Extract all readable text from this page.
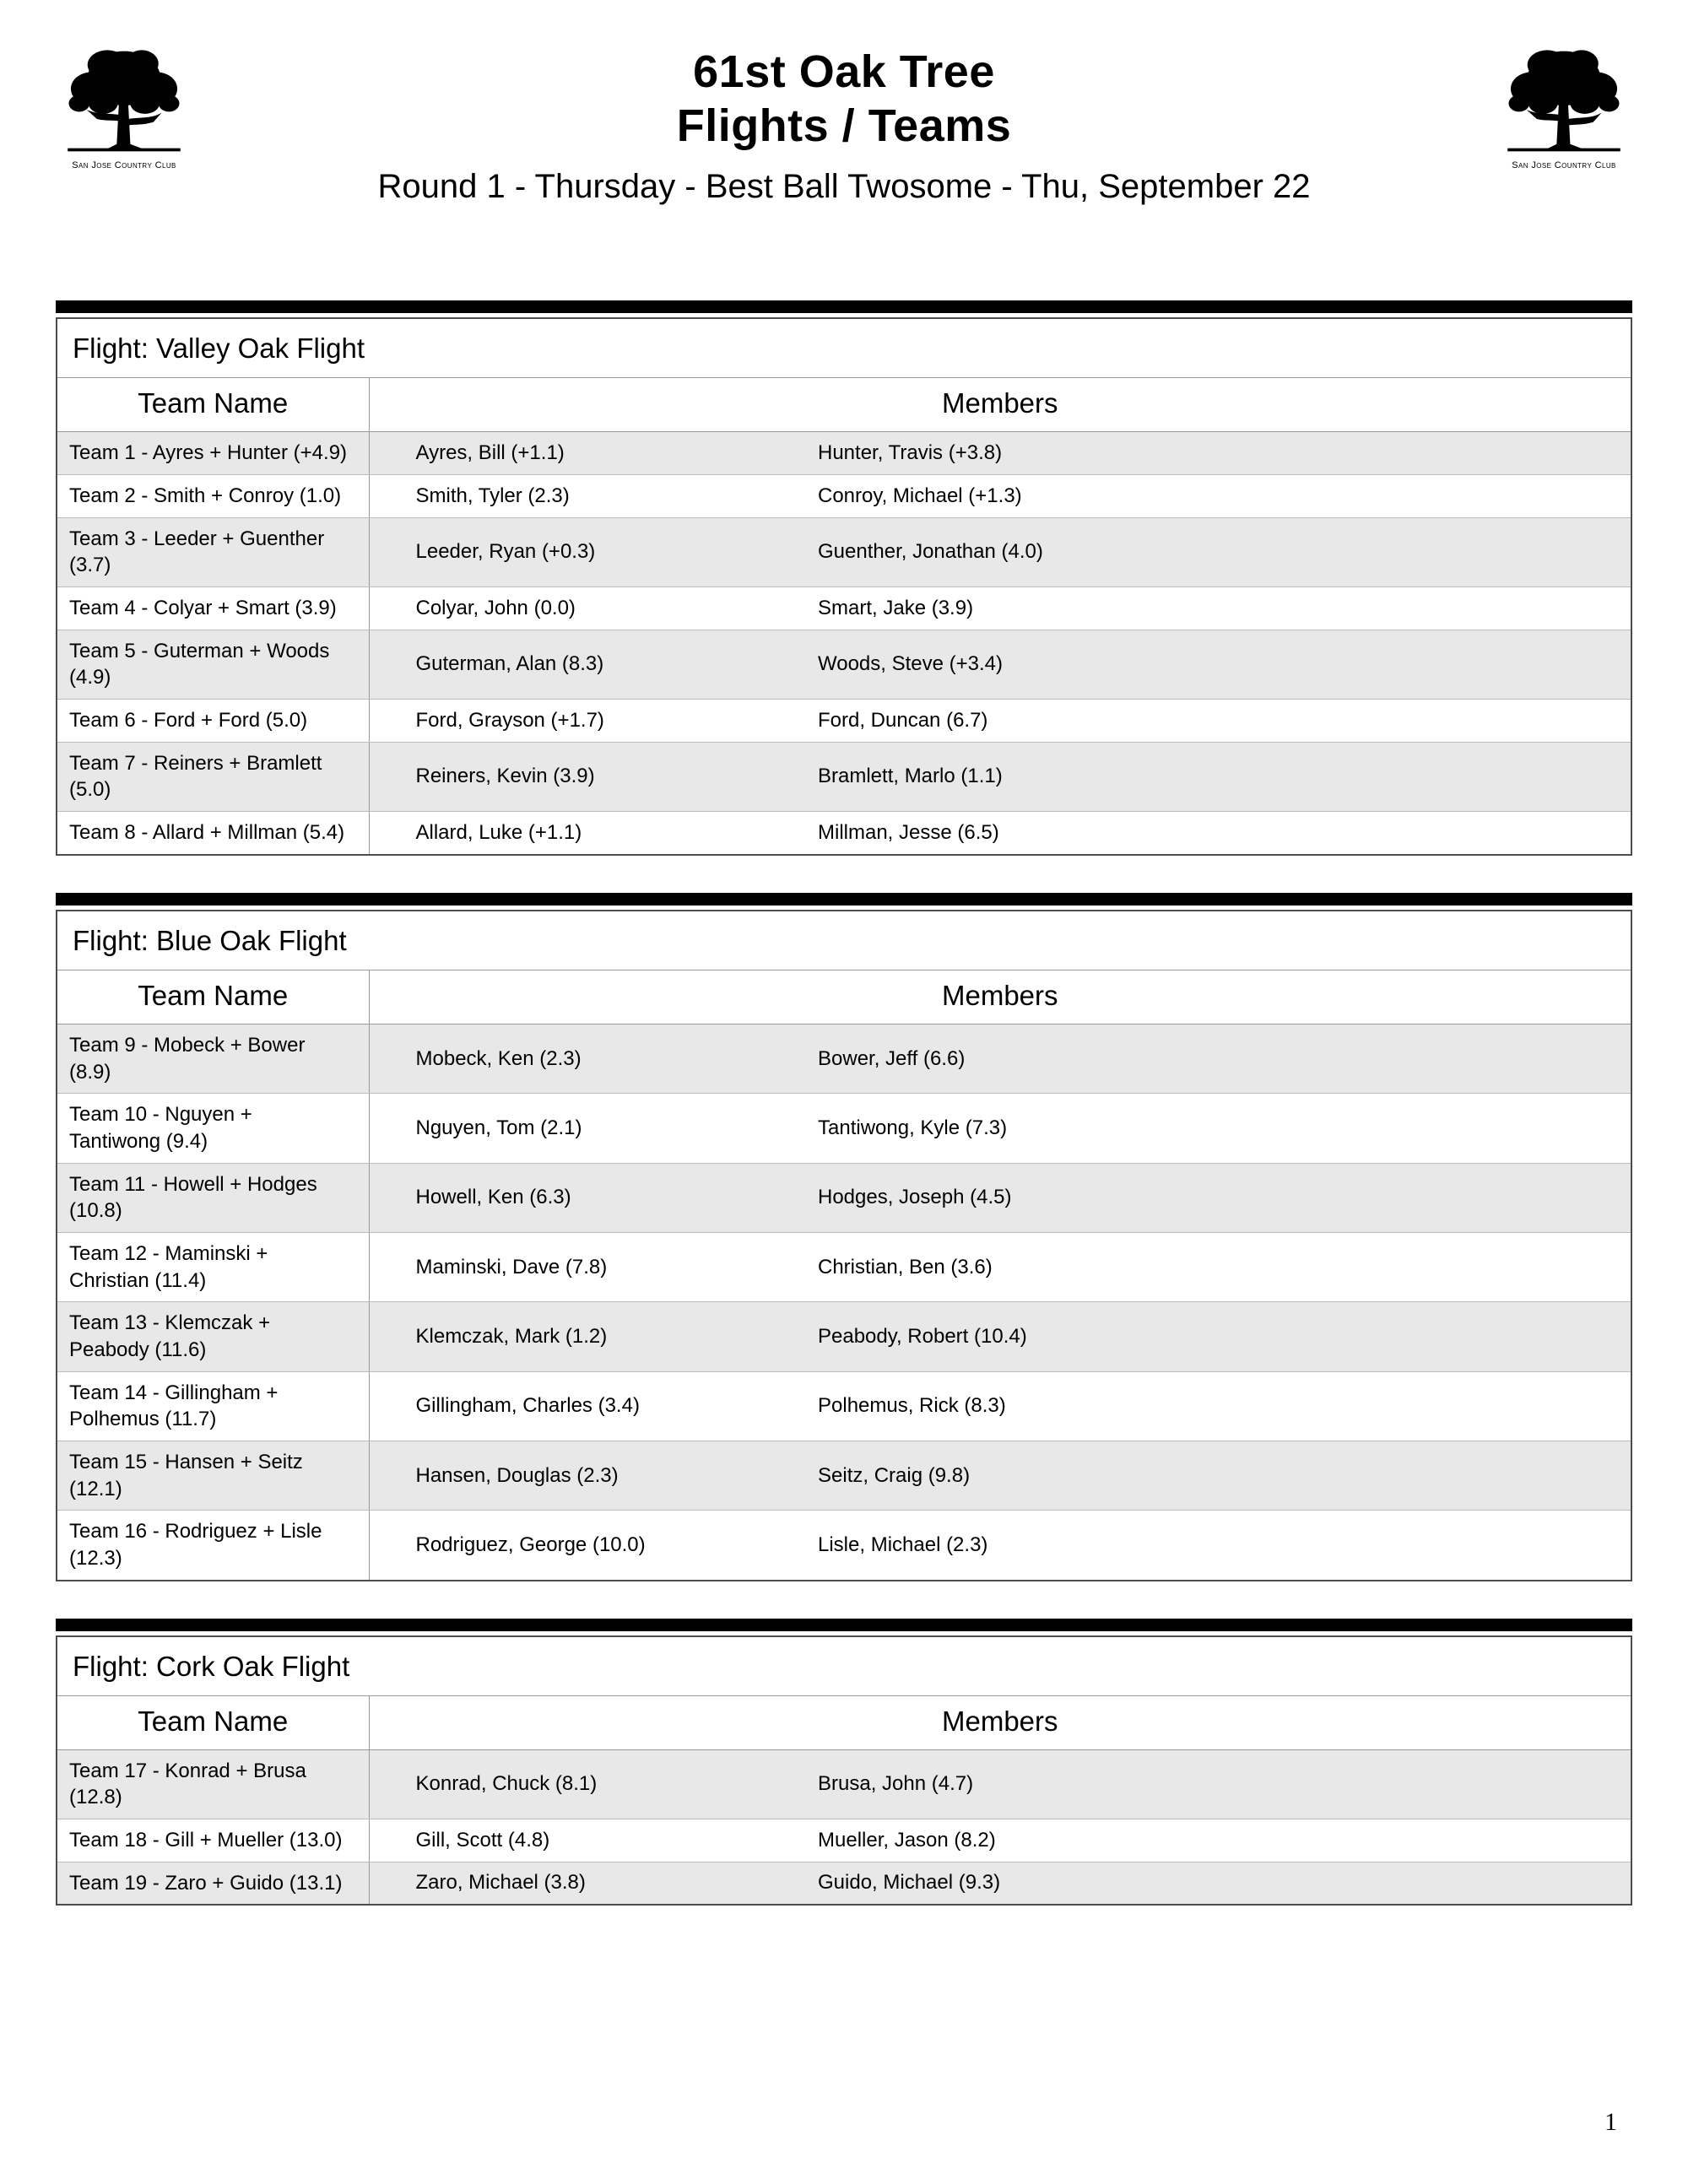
San Jose Country Club	San Jose Country Club
61st Oak Tree
Flights / Teams
Round 1 - Thursday - Best Ball Twosome - Thu, September 22
Flight: Valley Oak Flight		
Team Name	Members	
Team 1 - Ayres + Hunter (+4.9)	Ayres, Bill (+1.1)	Hunter, Travis (+3.8)
Team 2 - Smith + Conroy (1.0)	Smith, Tyler (2.3)	Conroy, Michael (+1.3)
Team 3 - Leeder + Guenther (3.7)	Leeder, Ryan (+0.3)	Guenther, Jonathan (4.0)
Team 4 - Colyar + Smart (3.9)	Colyar, John (0.0)	Smart, Jake (3.9)
Team 5 - Guterman + Woods (4.9)	Guterman, Alan (8.3)	Woods, Steve (+3.4)
Team 6 - Ford + Ford (5.0)	Ford, Grayson (+1.7)	Ford, Duncan (6.7)
Team 7 - Reiners + Bramlett (5.0)	Reiners, Kevin (3.9)	Bramlett, Marlo (1.1)
Team 8 - Allard + Millman (5.4)	Allard, Luke (+1.1)	Millman, Jesse (6.5)
Flight: Blue Oak Flight		
Team Name	Members	
Team 9 - Mobeck + Bower (8.9)	Mobeck, Ken (2.3)	Bower, Jeff (6.6)
Team 10 - Nguyen + Tantiwong (9.4)	Nguyen, Tom (2.1)	Tantiwong, Kyle (7.3)
Team 11 - Howell + Hodges (10.8)	Howell, Ken (6.3)	Hodges, Joseph (4.5)
Team 12 - Maminski + Christian (11.4)	Maminski, Dave (7.8)	Christian, Ben (3.6)
Team 13 - Klemczak + Peabody (11.6)	Klemczak, Mark (1.2)	Peabody, Robert (10.4)
Team 14 - Gillingham + Polhemus (11.7)	Gillingham, Charles (3.4)	Polhemus, Rick (8.3)
Team 15 - Hansen + Seitz (12.1)	Hansen, Douglas (2.3)	Seitz, Craig (9.8)
Team 16 - Rodriguez + Lisle (12.3)	Rodriguez, George (10.0)	Lisle, Michael (2.3)
Flight: Cork Oak Flight		
Team Name	Members	
Team 17 - Konrad + Brusa (12.8)	Konrad, Chuck (8.1)	Brusa, John (4.7)
Team 18 - Gill + Mueller (13.0)	Gill, Scott (4.8)	Mueller, Jason (8.2)
Team 19 - Zaro + Guido (13.1)	Zaro, Michael (3.8)	Guido, Michael (9.3)
1
